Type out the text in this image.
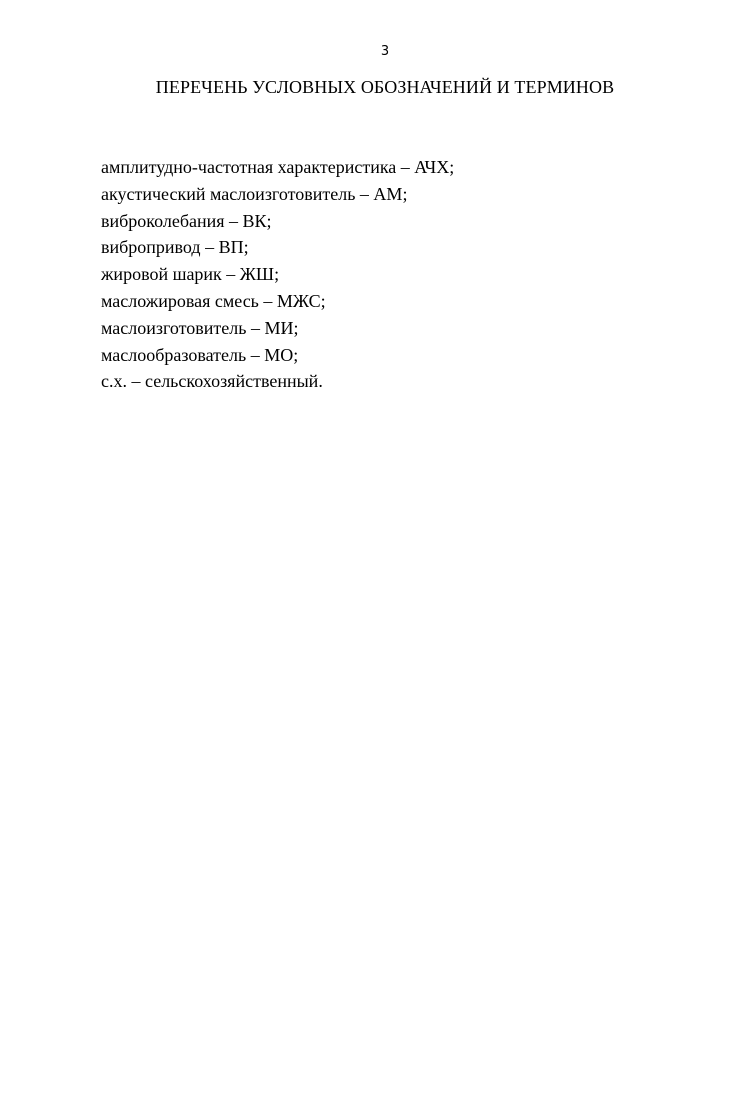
3
ПЕРЕЧЕНЬ УСЛОВНЫХ ОБОЗНАЧЕНИЙ И ТЕРМИНОВ
амплитудно-частотная характеристика – АЧХ;
акустический маслоизготовитель – АМ;
виброколебания – ВК;
вибропривод – ВП;
жировой шарик – ЖШ;
масложировая смесь – МЖС;
маслоизготовитель – МИ;
маслообразователь – МО;
с.х. – сельскохозяйственный.
